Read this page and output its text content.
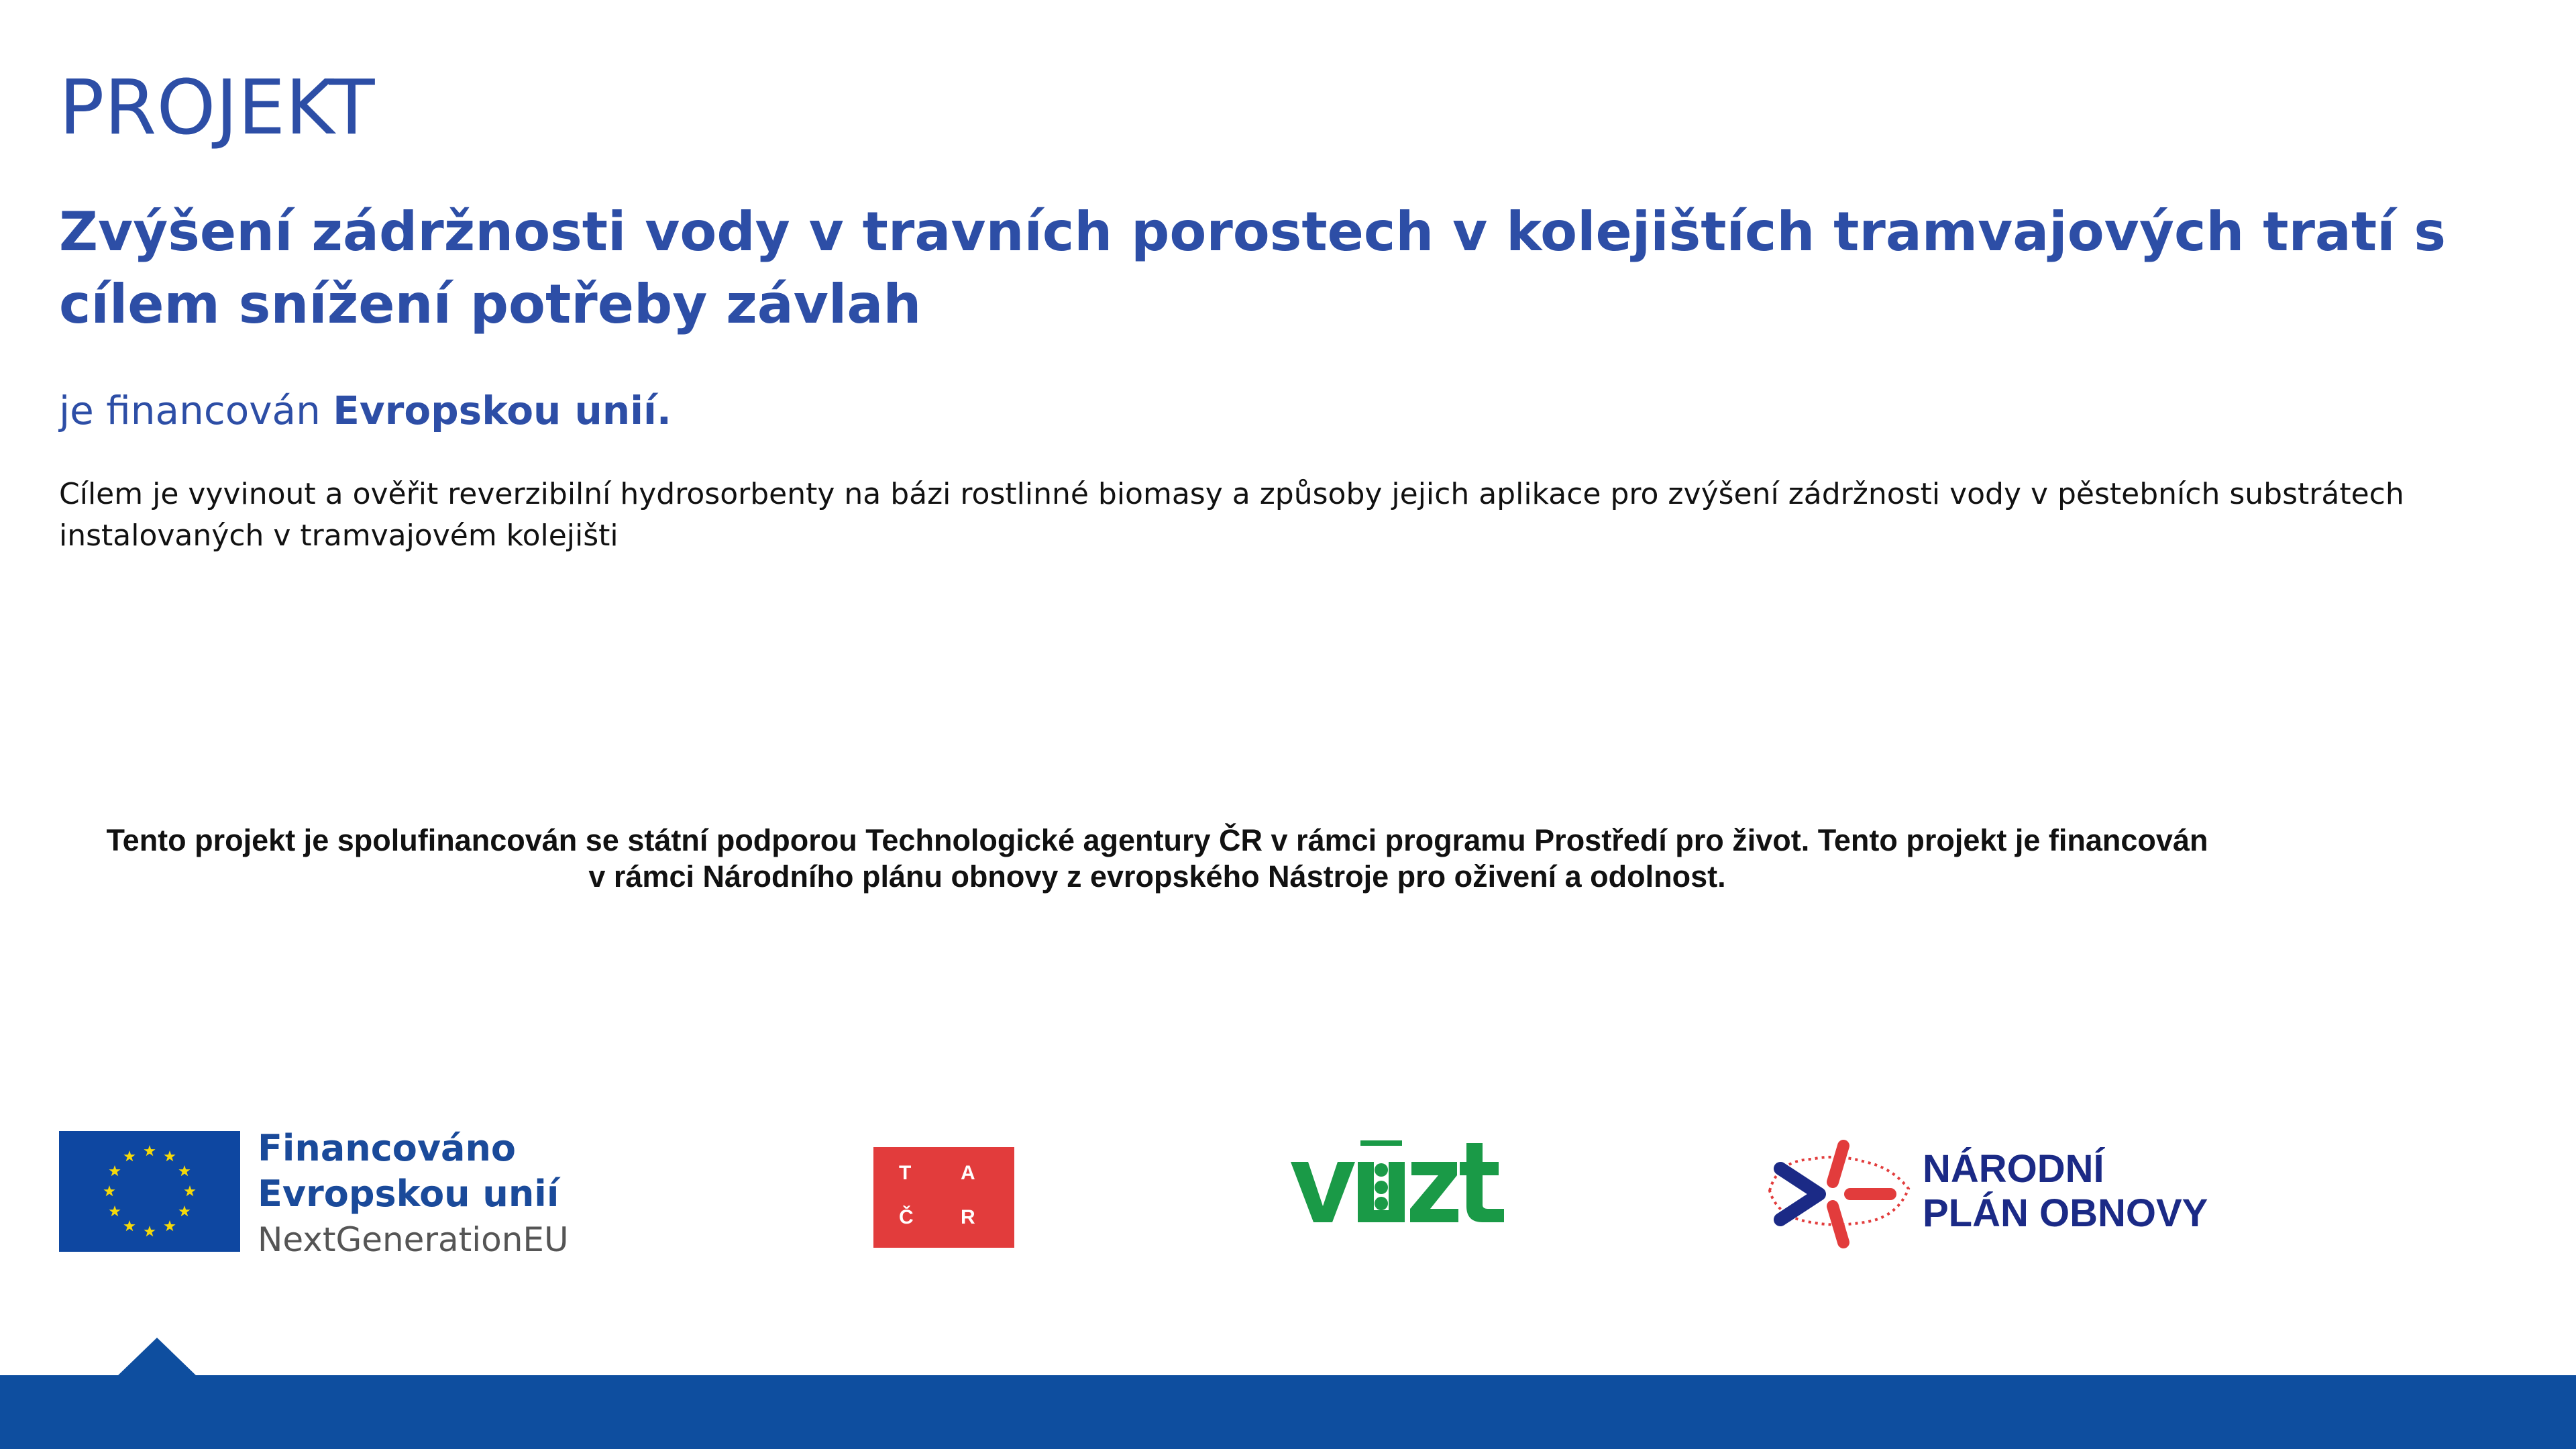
PROJEKT
Zvýšení zádržnosti vody v travních porostech v kolejištích tramvajových tratí s cílem snížení potřeby závlah
je financován Evropskou unií.

Cílem je vyvinout a ověřit reverzibilní hydrosorbenty na bázi rostlinné biomasy a způsoby jejich aplikace pro zvýšení zádržnosti vody v pěstebních substrátech instalovaných v tramvajovém kolejišti

Tento projekt je spolufinancován se státní podporou Technologické agentury ČR v rámci programu Prostředí pro život. Tento projekt je financován
v rámci Národního plánu obnovy z evropského Nástroje pro oživení a odolnost.
Financováno
Evropskou unií
NextGenerationEU
T A
Č R
NÁRODNÍ
PLÁN OBNOVY
